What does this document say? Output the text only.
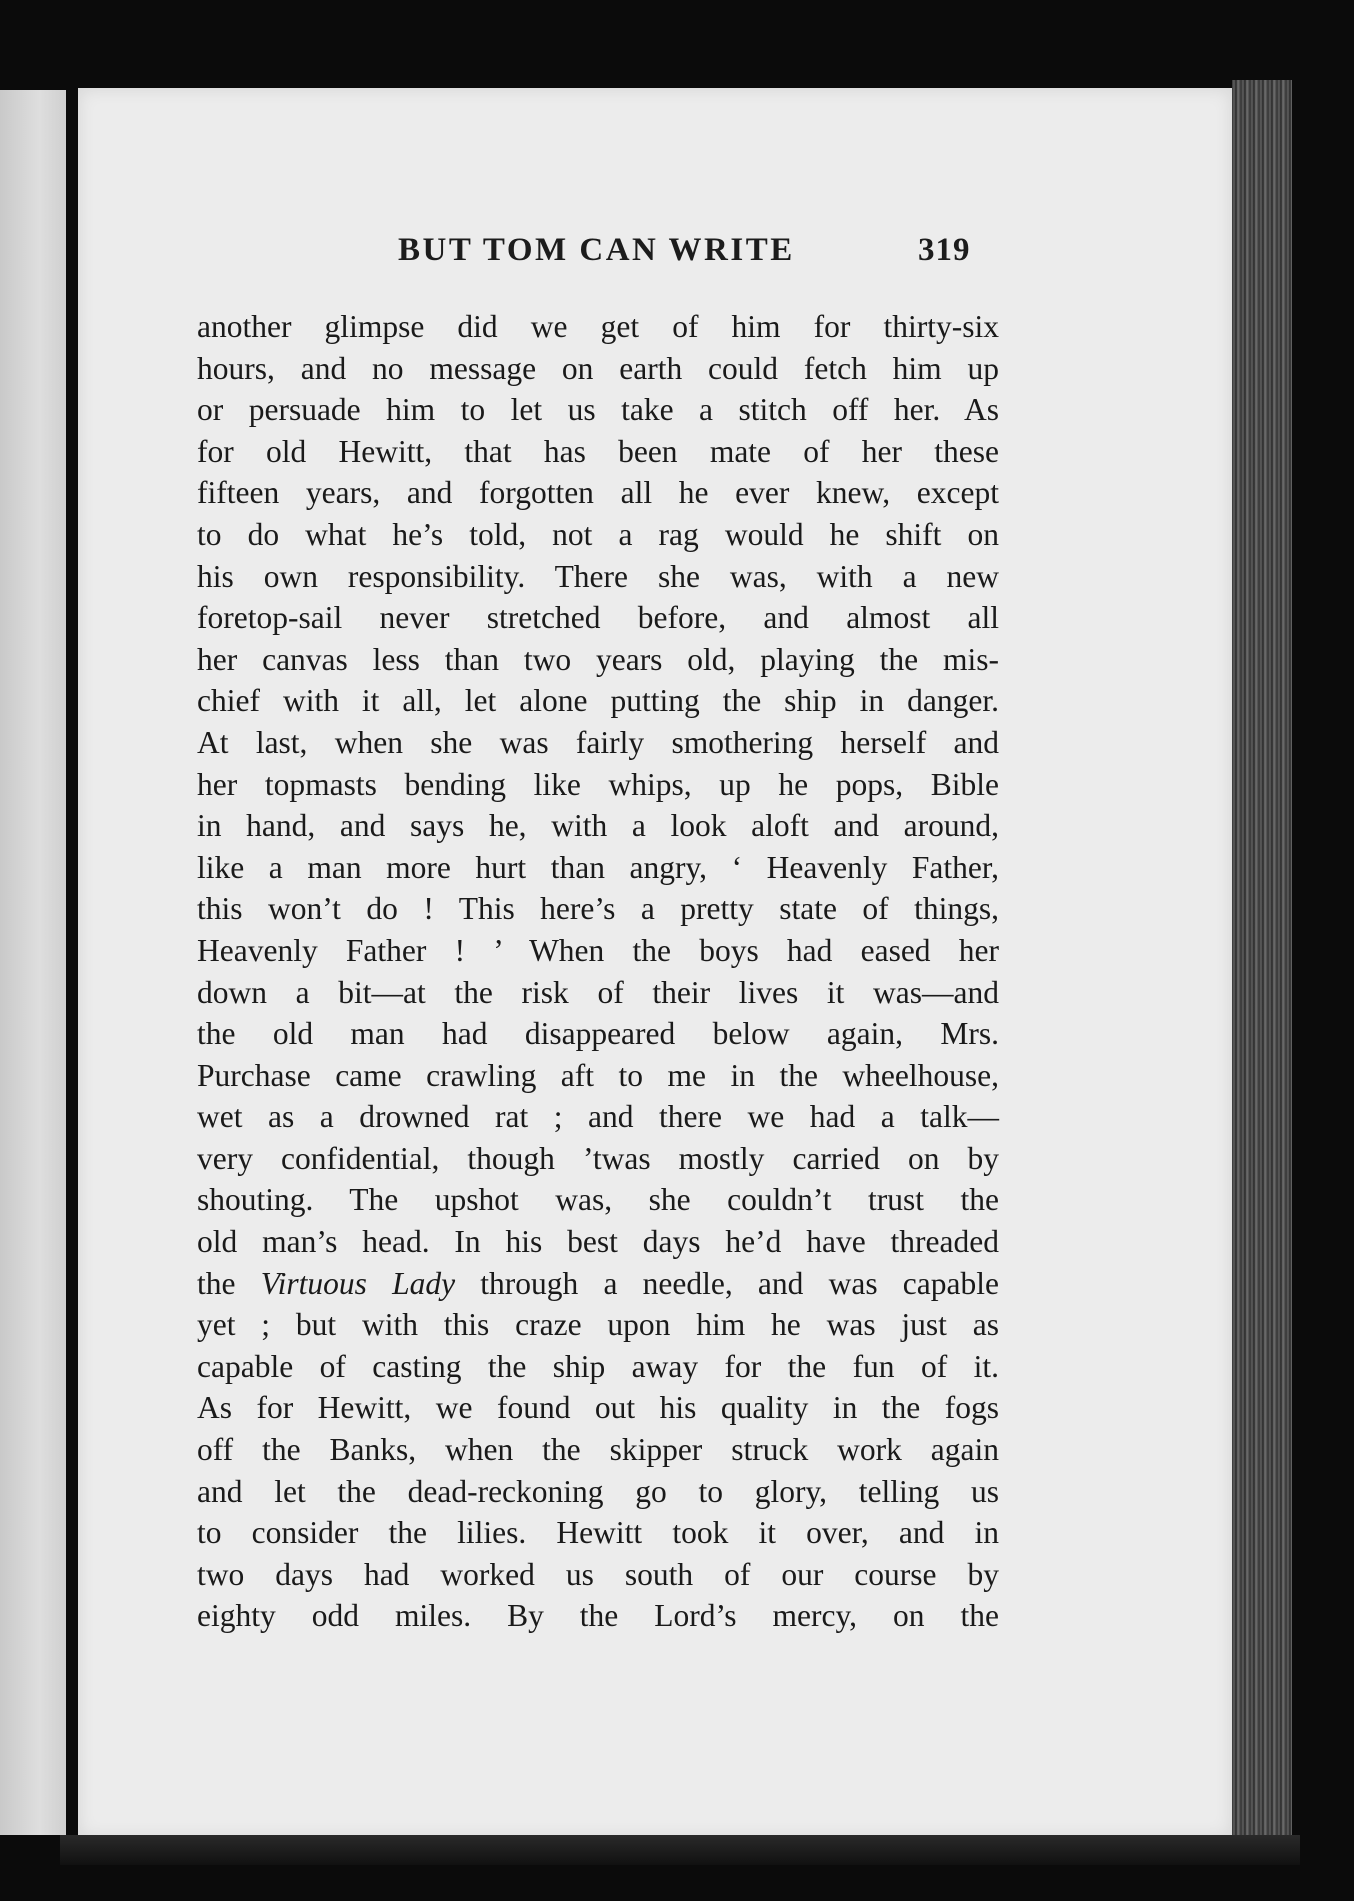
BUT TOM CAN WRITE	319
another glimpse did we get of him for thirty-six
hours, and no message on earth could fetch him up
or persuade him to let us take a stitch off her. As
for old Hewitt, that has been mate of her these
fifteen years, and forgotten all he ever knew, except
to do what he’s told, not a rag would he shift on
his own responsibility. There she was, with a new
foretop-sail never stretched before, and almost all
her canvas less than two years old, playing the mis-
chief with it all, let alone putting the ship in danger.
At last, when she was fairly smothering herself and
her topmasts bending like whips, up he pops, Bible
in hand, and says he, with a look aloft and around,
like a man more hurt than angry, ‘ Heavenly Father,
this won’t do ! This here’s a pretty state of things,
Heavenly Father ! ’ When the boys had eased her
down a bit—at the risk of their lives it was—and
the old man had disappeared below again, Mrs.
Purchase came crawling aft to me in the wheelhouse,
wet as a drowned rat ; and there we had a talk—
very confidential, though ’twas mostly carried on by
shouting. The upshot was, she couldn’t trust the
old man’s head. In his best days he’d have threaded
the Virtuous Lady through a needle, and was capable
yet ; but with this craze upon him he was just as
capable of casting the ship away for the fun of it.
As for Hewitt, we found out his quality in the fogs
off the Banks, when the skipper struck work again
and let the dead-reckoning go to glory, telling us
to consider the lilies. Hewitt took it over, and in
two days had worked us south of our course by
eighty odd miles. By the Lord’s mercy, on the
